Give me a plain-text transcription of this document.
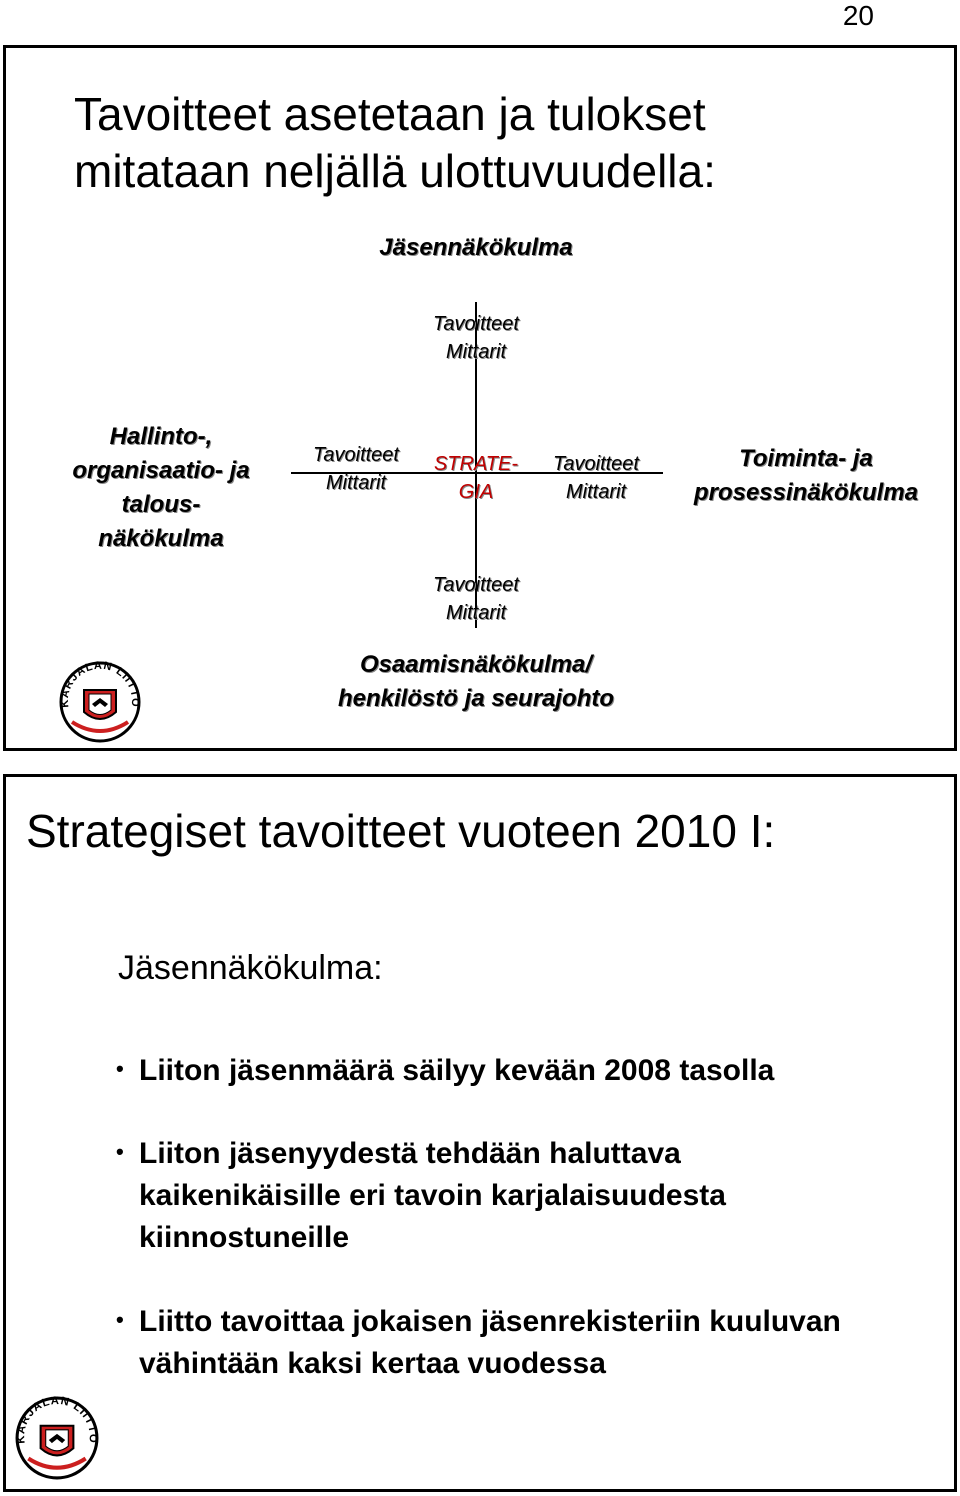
20
Tavoitteet asetetaan ja tulokset
mitataan neljällä ulottuvuudella:
Jäsennäkökulma
Tavoitteet
Mittarit
Hallinto-,
organisaatio- ja
talous-
näkökulma
Tavoitteet
Mittarit
STRATE-
GIA
Tavoitteet
Mittarit
Toiminta- ja
prosessinäkökulma
Tavoitteet
Mittarit
Osaamisnäkökulma/
henkilöstö ja seurajohto
KARJALAN LIITTO
Strategiset tavoitteet vuoteen 2010 I:
Jäsennäkökulma:
• Liiton jäsenmäärä säilyy kevään 2008 tasolla
• Liiton jäsenyydestä tehdään haluttava
kaikenikäisille eri tavoin karjalaisuudesta
kiinnostuneille
• Liitto tavoittaa jokaisen jäsenrekisteriin kuuluvan
vähintään kaksi kertaa vuodessa
KARJALAN LIITTO
